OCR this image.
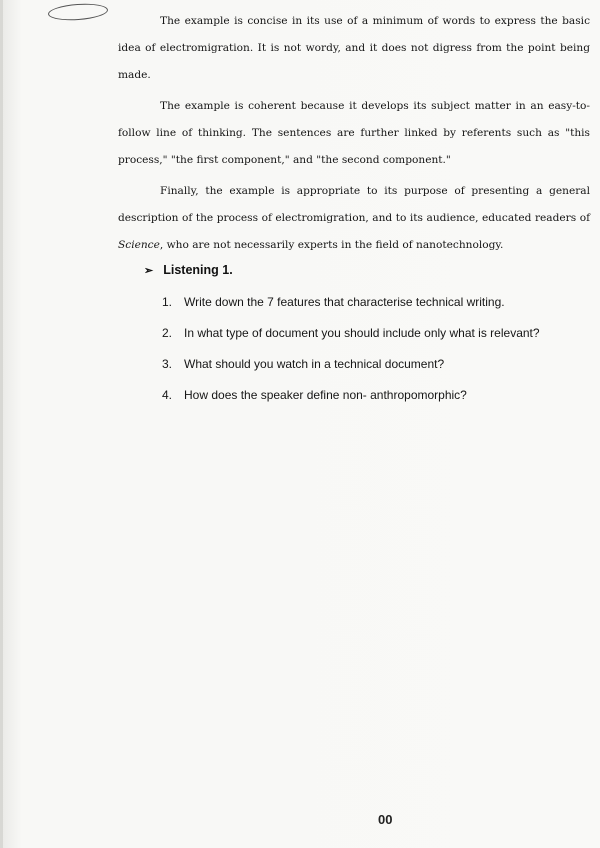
The example is concise in its use of a minimum of words to express the basic idea of electromigration. It is not wordy, and it does not digress from the point being made.

The example is coherent because it develops its subject matter in an easy-to-follow line of thinking. The sentences are further linked by referents such as "this process," "the first component," and "the second component."

Finally, the example is appropriate to its purpose of presenting a general description of the process of electromigration, and to its audience, educated readers of Science, who are not necessarily experts in the field of nanotechnology.

➢ Listening 1.
1. Write down the 7 features that characterise technical writing.
2. In what type of document you should include only what is relevant?
3. What should you watch in a technical document?
4. How does the speaker define non- anthropomorphic?
00
